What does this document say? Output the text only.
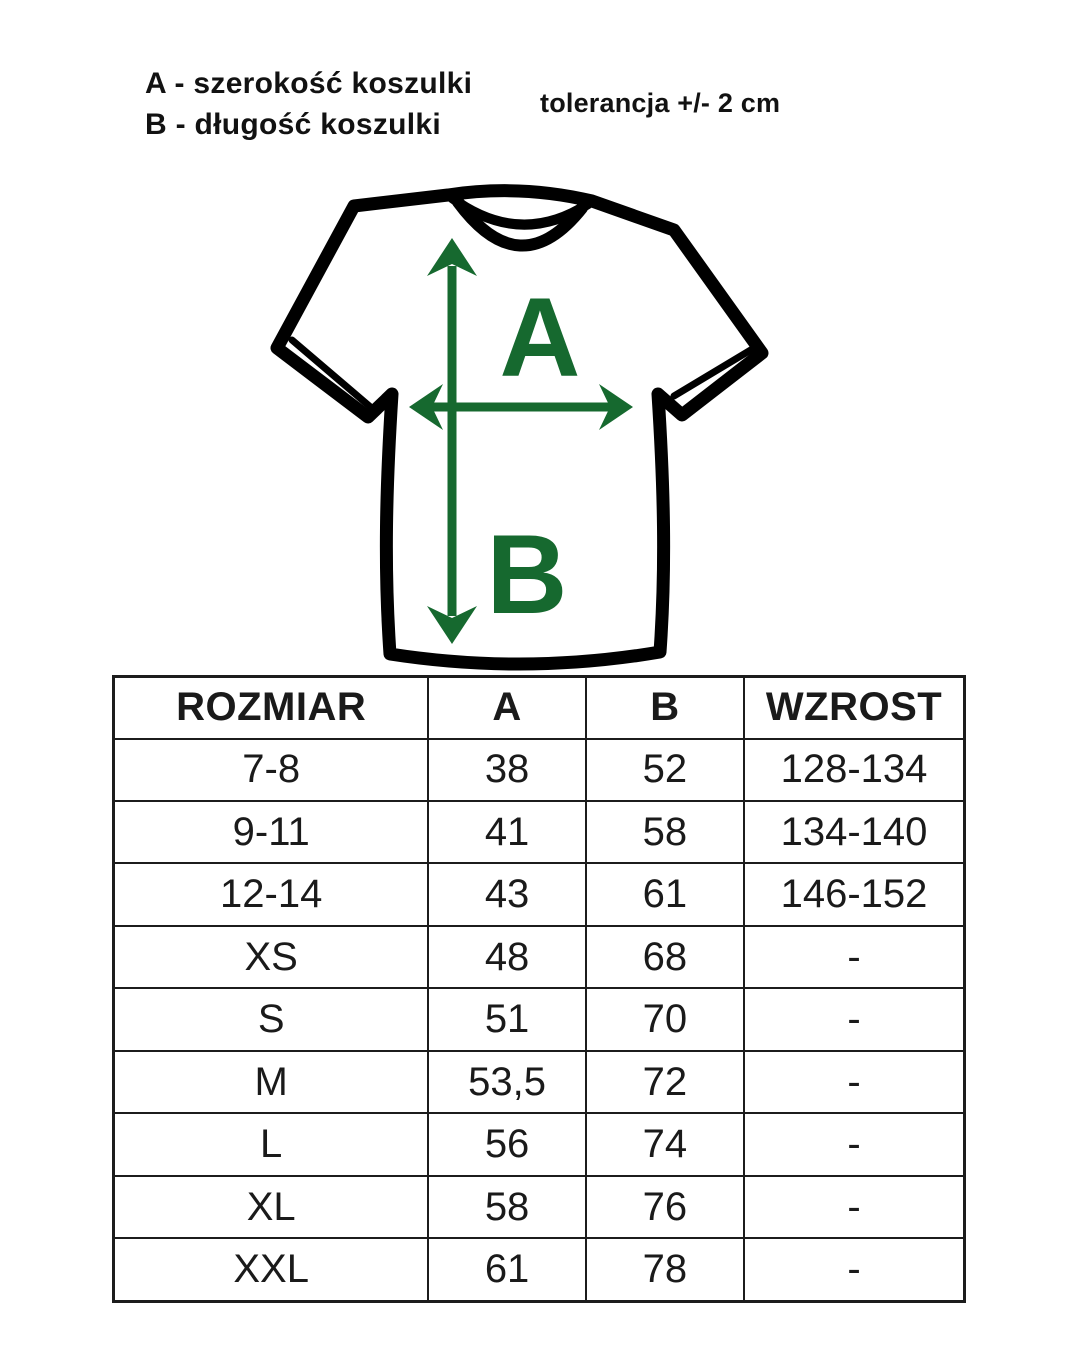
A - szerokość koszulki
B - długość koszulki
tolerancja +/- 2 cm
A
B
ROZMIAR	A	B	WZROST
7-8	38	52	128-134
9-11	41	58	134-140
12-14	43	61	146-152
XS	48	68	-
S	51	70	-
M	53,5	72	-
L	56	74	-
XL	58	76	-
XXL	61	78	-
